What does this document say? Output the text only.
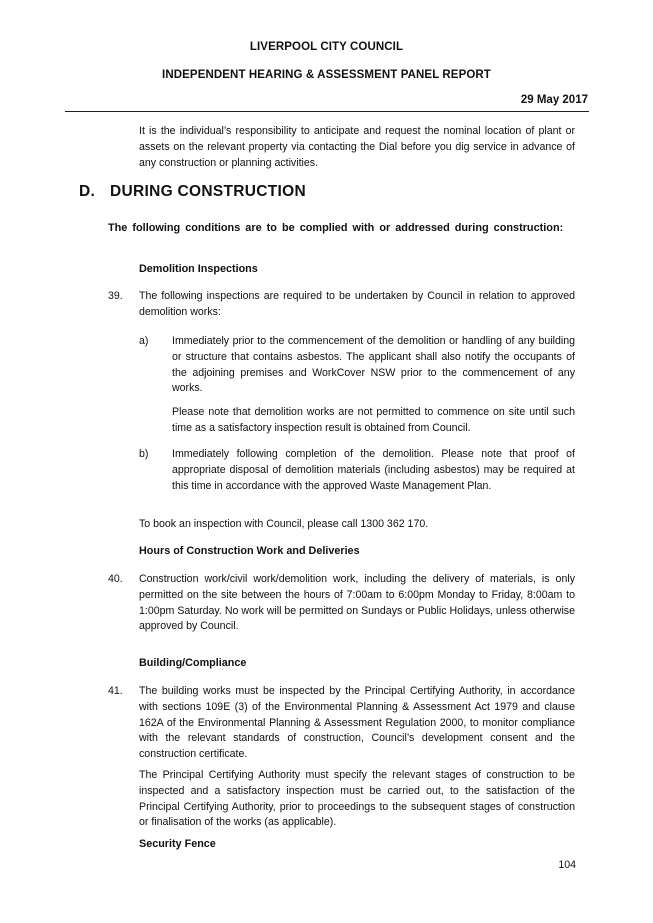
LIVERPOOL CITY COUNCIL
INDEPENDENT HEARING & ASSESSMENT PANEL REPORT
29 May 2017
It is the individual’s responsibility to anticipate and request the nominal location of plant or assets on the relevant property via contacting the Dial before you dig service in advance of any construction or planning activities.
D. DURING CONSTRUCTION
The following conditions are to be complied with or addressed during construction:
Demolition Inspections
39. The following inspections are required to be undertaken by Council in relation to approved demolition works:
a) Immediately prior to the commencement of the demolition or handling of any building or structure that contains asbestos. The applicant shall also notify the occupants of the adjoining premises and WorkCover NSW prior to the commencement of any works.
Please note that demolition works are not permitted to commence on site until such time as a satisfactory inspection result is obtained from Council.
b) Immediately following completion of the demolition. Please note that proof of appropriate disposal of demolition materials (including asbestos) may be required at this time in accordance with the approved Waste Management Plan.
To book an inspection with Council, please call 1300 362 170.
Hours of Construction Work and Deliveries
40. Construction work/civil work/demolition work, including the delivery of materials, is only permitted on the site between the hours of 7:00am to 6:00pm Monday to Friday, 8:00am to 1:00pm Saturday. No work will be permitted on Sundays or Public Holidays, unless otherwise approved by Council.
Building/Compliance
41. The building works must be inspected by the Principal Certifying Authority, in accordance with sections 109E (3) of the Environmental Planning & Assessment Act 1979 and clause 162A of the Environmental Planning & Assessment Regulation 2000, to monitor compliance with the relevant standards of construction, Council’s development consent and the construction certificate.
The Principal Certifying Authority must specify the relevant stages of construction to be inspected and a satisfactory inspection must be carried out, to the satisfaction of the Principal Certifying Authority, prior to proceedings to the subsequent stages of construction or finalisation of the works (as applicable).
Security Fence
104
